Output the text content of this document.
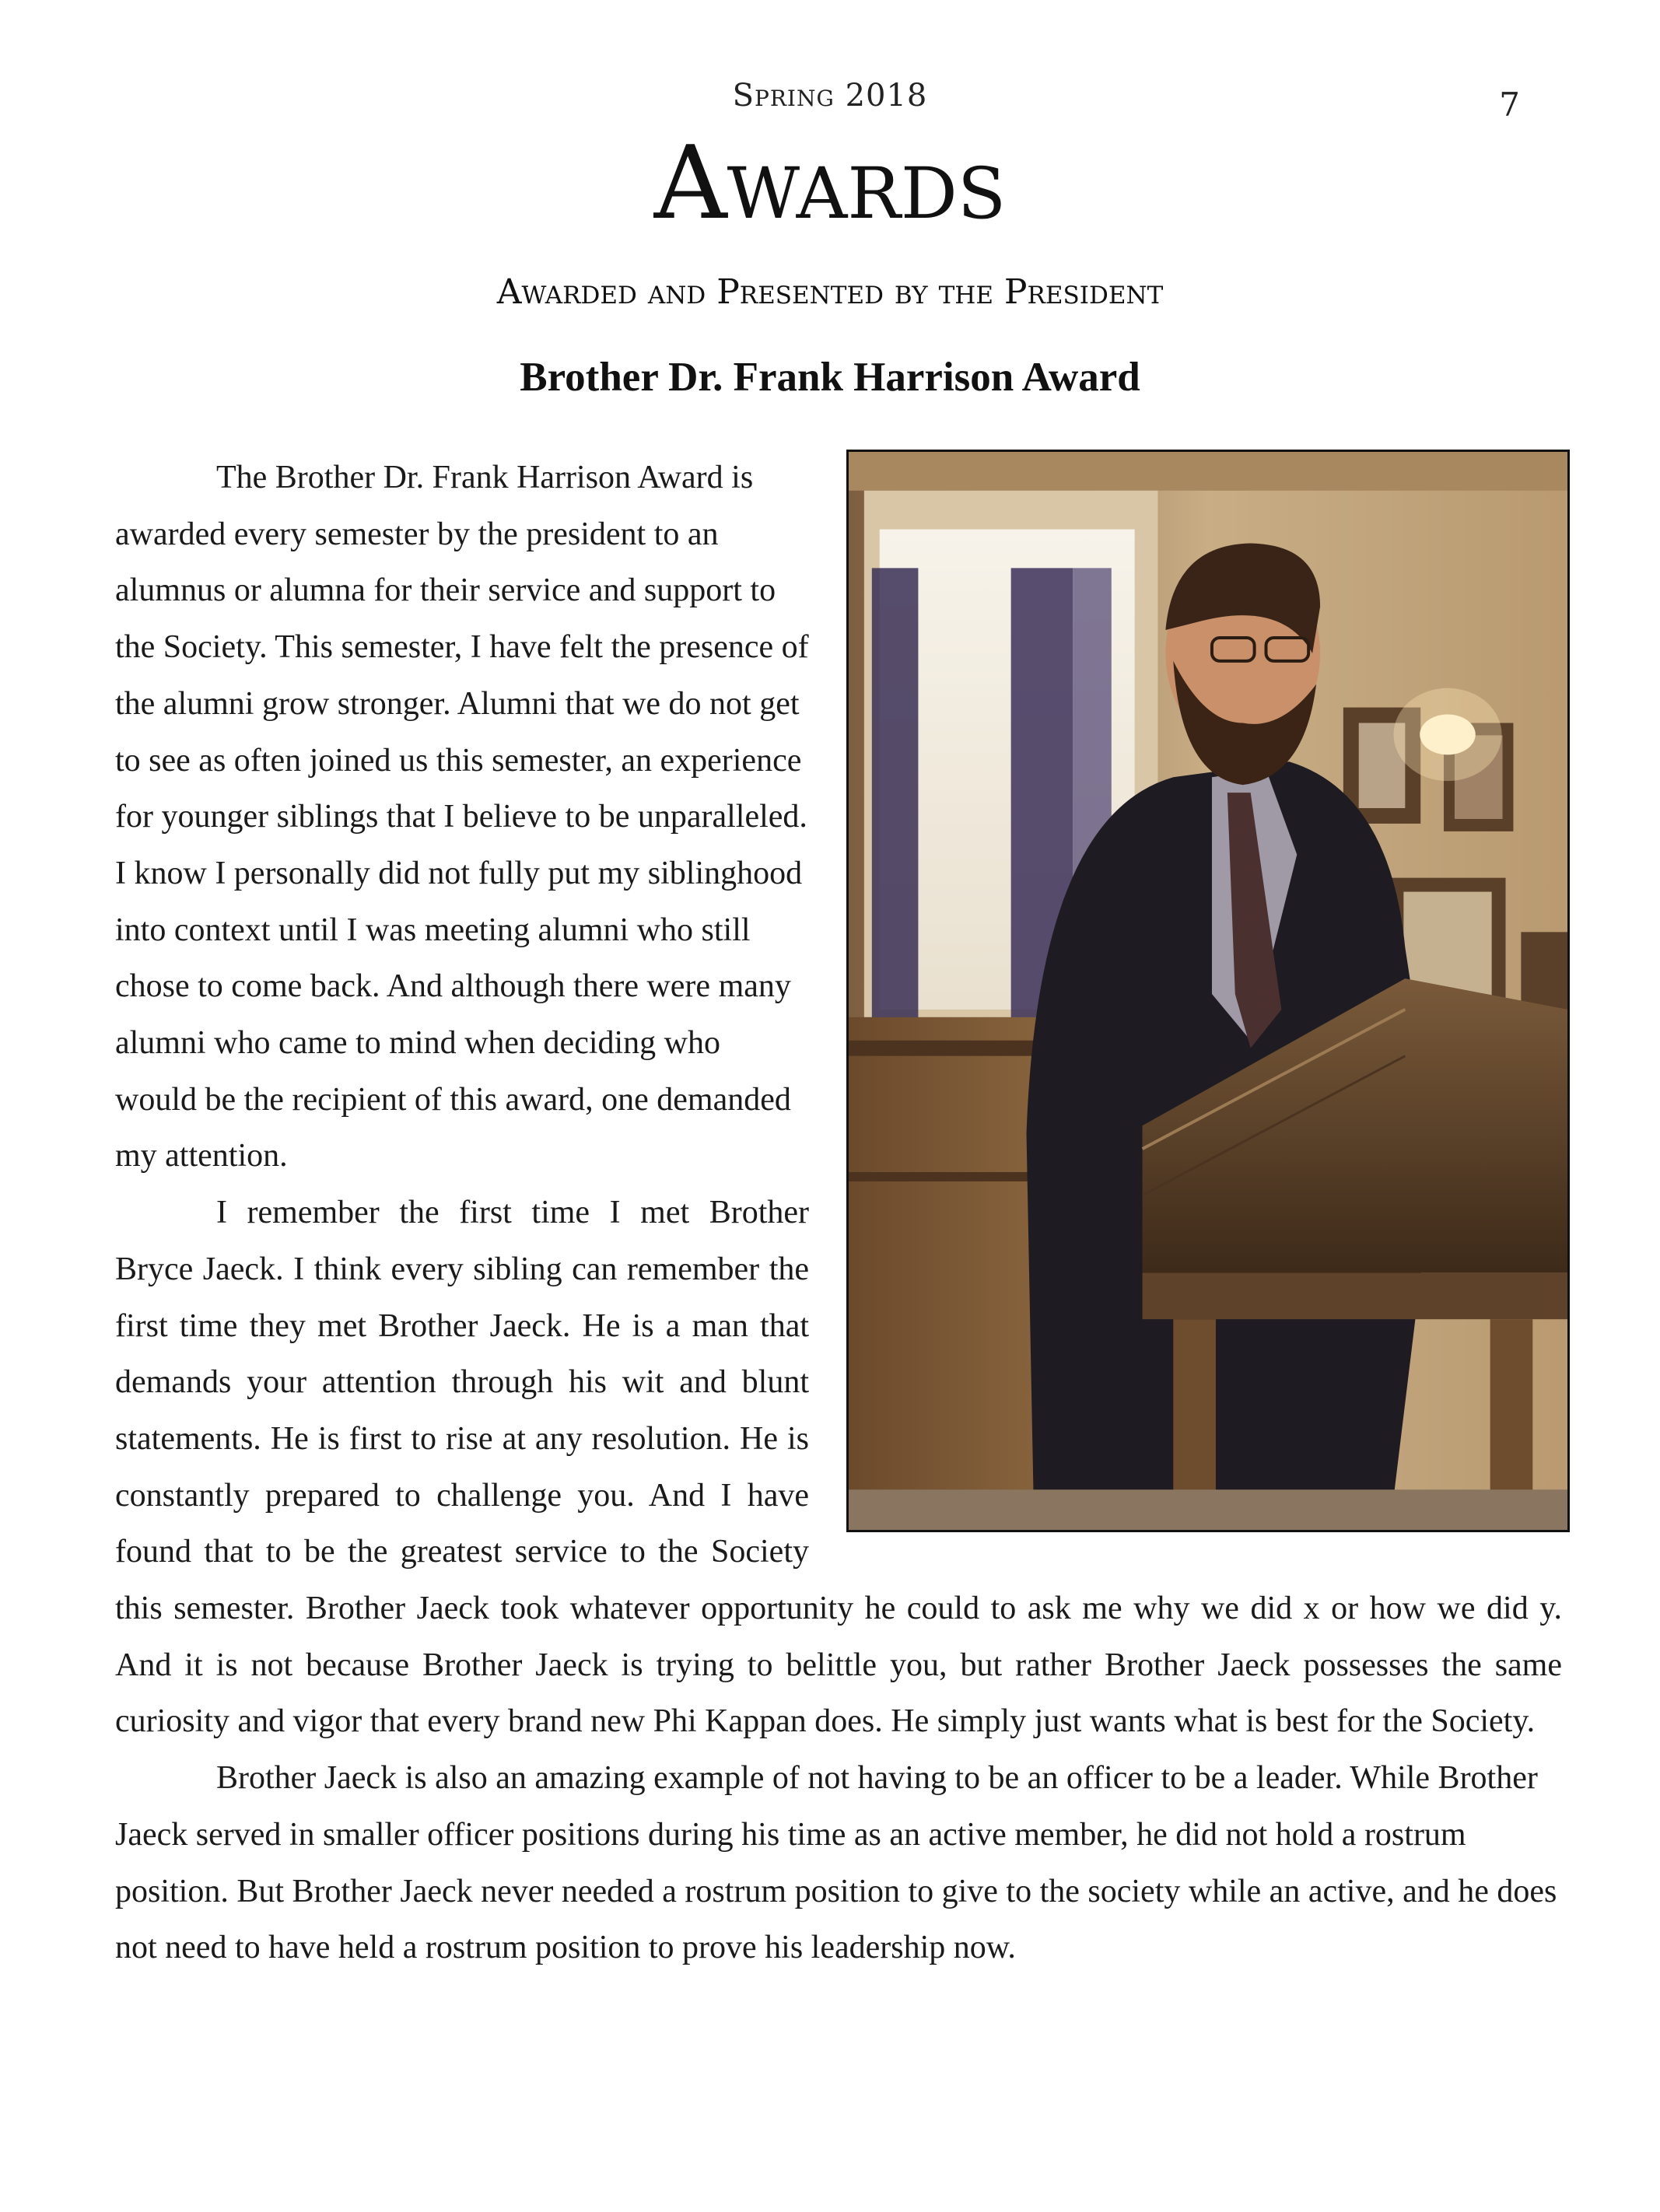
Spring 2018	7
Awards
Awarded and Presented by the President
Brother Dr. Frank Harrison Award

The Brother Dr. Frank Harrison Award is awarded every semester by the president to an alumnus or alumna for their service and support to the Society. This semester, I have felt the presence of the alumni grow stronger. Alumni that we do not get to see as often joined us this semester, an experience for younger siblings that I believe to be unparalleled. I know I personally did not fully put my siblinghood into context until I was meeting alumni who still chose to come back. And although there were many alumni who came to mind when deciding who would be the recipient of this award, one demanded my attention.

I remember the first time I met Brother Bryce Jaeck. I think every sibling can remember the first time they met Brother Jaeck. He is a man that demands your attention through his wit and blunt statements. He is first to rise at any resolution. He is constantly prepared to challenge you. And I have found that to be the greatest service to the Society this semester. Brother Jaeck took whatever opportunity he could to ask me why we did x or how we did y. And it is not because Brother Jaeck is trying to belittle you, but rather Brother Jaeck possesses the same curiosity and vigor that every brand new Phi Kappan does. He simply just wants what is best for the Society.

Brother Jaeck is also an amazing example of not having to be an officer to be a leader. While Brother Jaeck served in smaller officer positions during his time as an active member, he did not hold a rostrum position. But Brother Jaeck never needed a rostrum position to give to the society while an active, and he does not need to have held a rostrum position to prove his leadership now.
